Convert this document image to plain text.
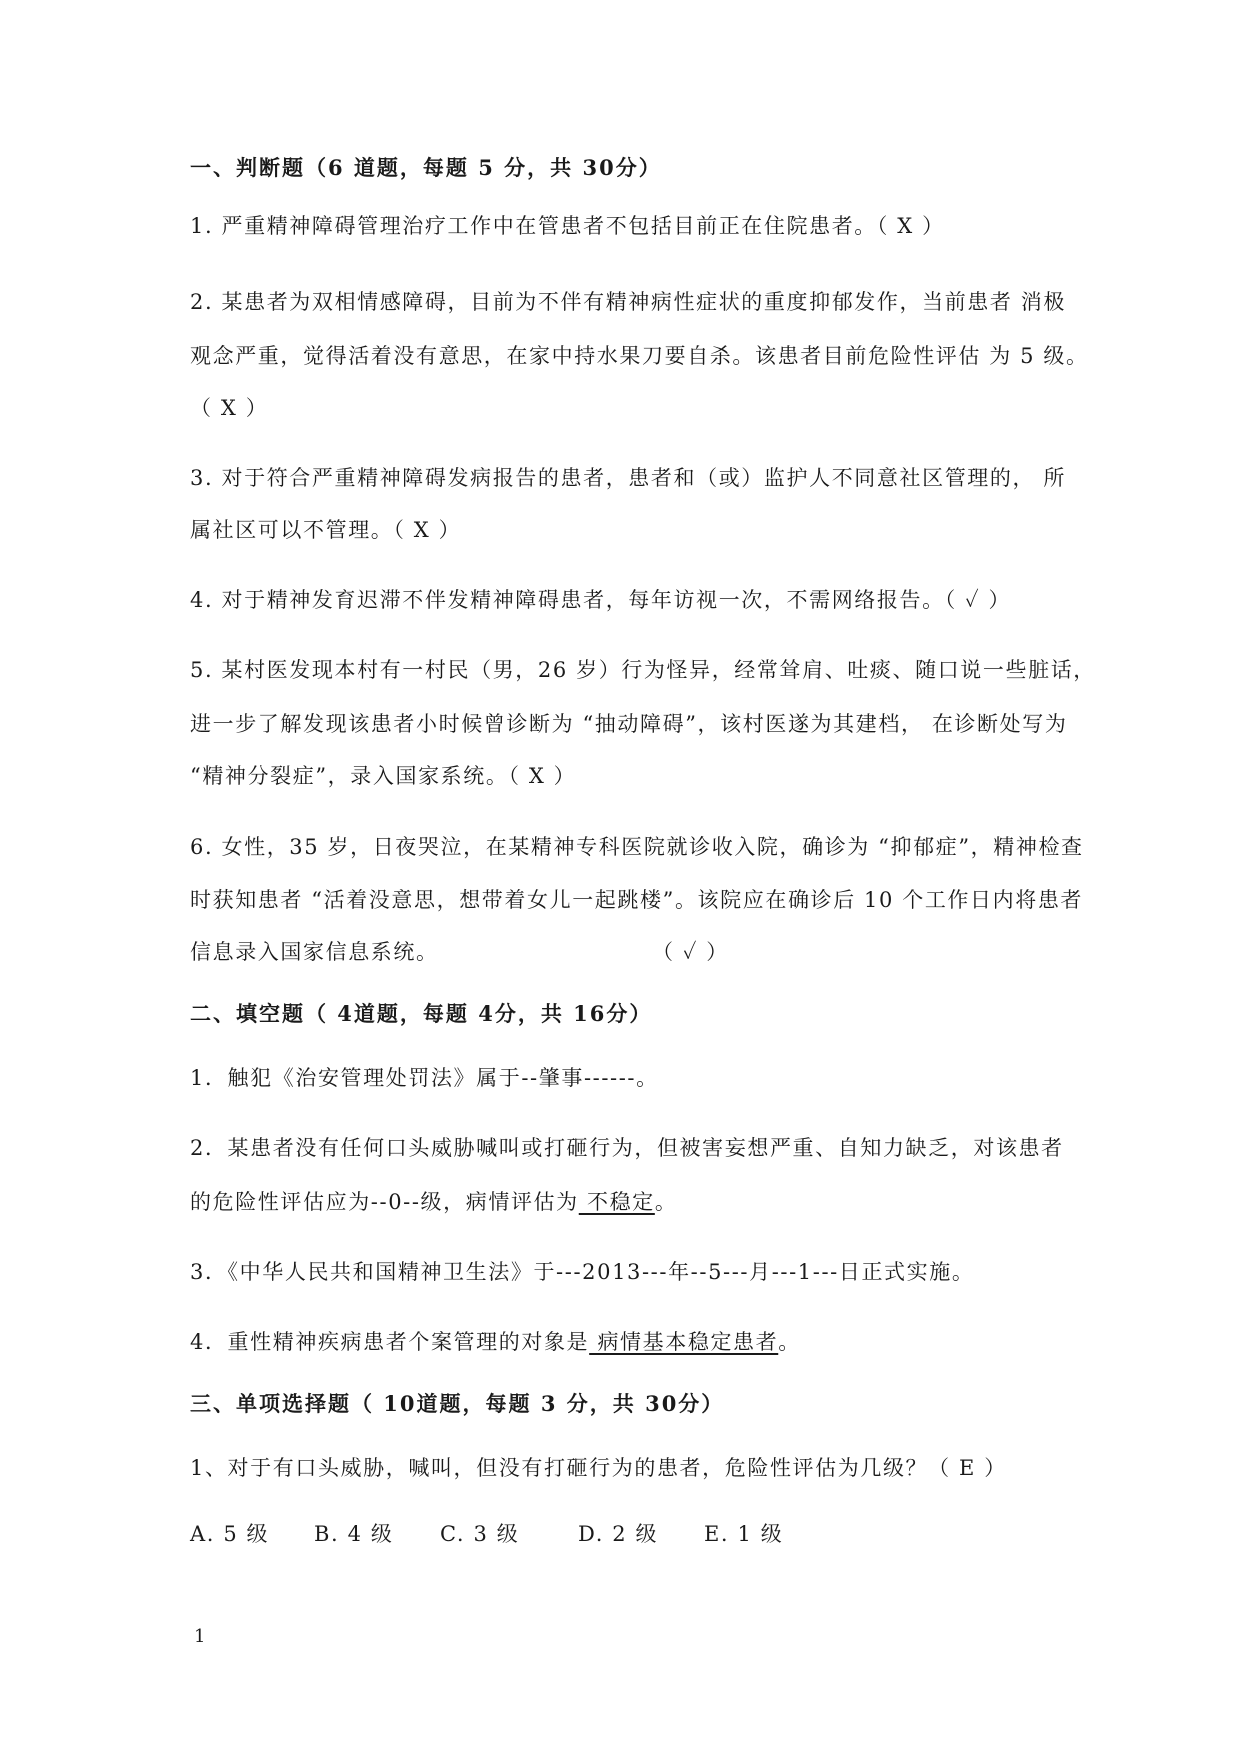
一、判断题（6 道题，每题 5 分，共 30分）
1. 严重精神障碍管理治疗工作中在管患者不包括目前正在住院患者。（ X ）
2. 某患者为双相情感障碍，目前为不伴有精神病性症状的重度抑郁发作，当前患者 消极
观念严重，觉得活着没有意思，在家中持水果刀要自杀。该患者目前危险性评估 为 5 级。
（ X ）
3. 对于符合严重精神障碍发病报告的患者，患者和（或）监护人不同意社区管理的， 所
属社区可以不管理。（ X ）
4. 对于精神发育迟滞不伴发精神障碍患者，每年访视一次，不需网络报告。（ ✓ ）
5. 某村医发现本村有一村民（男，26 岁）行为怪异，经常耸肩、吐痰、随口说一些脏话，
进一步了解发现该患者小时候曾诊断为 “抽动障碍”，该村医遂为其建档， 在诊断处写为
“精神分裂症”，录入国家系统。（ X ）
6. 女性，35 岁，日夜哭泣，在某精神专科医院就诊收入院，确诊为 “抑郁症”，精神检查
时获知患者 “活着没意思，想带着女儿一起跳楼”。该院应在确诊后 10 个工作日内将患者
信息录入国家信息系统。	（ ✓ ）
二、填空题（ 4道题，每题 4分，共 16分）
1．触犯《治安管理处罚法》属于--肇事------。
2．某患者没有任何口头威胁喊叫或打砸行为，但被害妄想严重、自知力缺乏，对该患者
的危险性评估应为--0--级，病情评估为 不稳定。
3．《中华人民共和国精神卫生法》于---2013---年--5---月---1---日正式实施。
4．重性精神疾病患者个案管理的对象是 病情基本稳定患者。
三、单项选择题（ 10道题，每题 3 分，共 30分）
1、对于有口头威胁，喊叫，但没有打砸行为的患者，危险性评估为几级？（ E ）
A. 5 级 B. 4 级 C. 3 级	D. 2 级 E. 1 级
1
